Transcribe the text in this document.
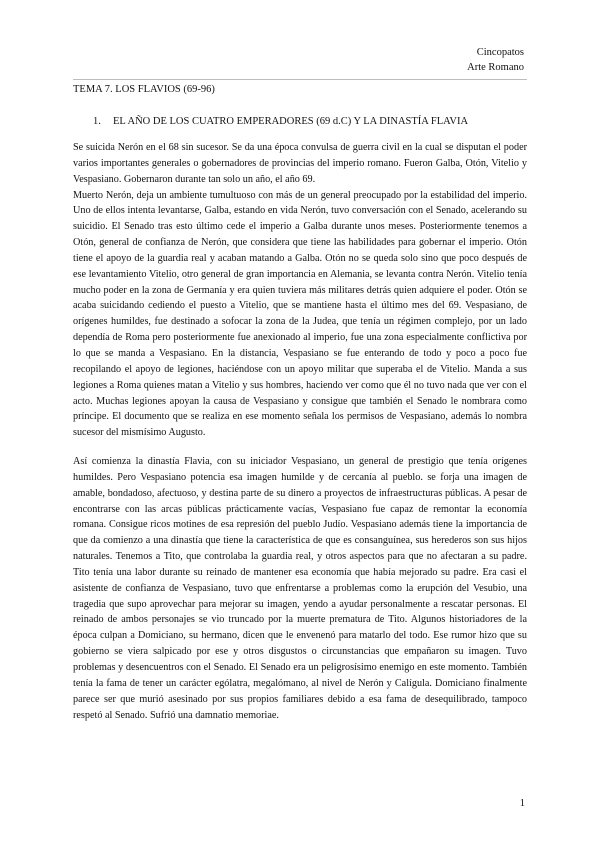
Cincopatos
Arte Romano
TEMA 7. LOS FLAVIOS (69-96)
1. EL AÑO DE LOS CUATRO EMPERADORES (69 d.C) Y LA DINASTÍA FLAVIA

Se suicida Nerón en el 68 sin sucesor. Se da una época convulsa de guerra civil en la cual se disputan el poder varios importantes generales o gobernadores de provincias del imperio romano. Fueron Galba, Otón, Vitelio y Vespasiano. Gobernaron durante tan solo un año, el año 69.

Muerto Nerón, deja un ambiente tumultuoso con más de un general preocupado por la estabilidad del imperio. Uno de ellos intenta levantarse, Galba, estando en vida Nerón, tuvo conversación con el Senado, acelerando su suicidio. El Senado tras esto último cede el imperio a Galba durante unos meses. Posteriormente tenemos a Otón, general de confianza de Nerón, que considera que tiene las habilidades para gobernar el imperio. Otón tiene el apoyo de la guardia real y acaban matando a Galba. Otón no se queda solo sino que poco después de ese levantamiento Vitelio, otro general de gran importancia en Alemania, se levanta contra Nerón. Vitelio tenía mucho poder en la zona de Germanía y era quien tuviera más militares detrás quien adquiere el poder. Otón se acaba suicidando cediendo el puesto a Vitelio, que se mantiene hasta el último mes del 69. Vespasiano, de orígenes humildes, fue destinado a sofocar la zona de la Judea, que tenía un régimen complejo, por un lado dependía de Roma pero posteriormente fue anexionado al imperio, fue una zona especialmente conflictiva por lo que se manda a Vespasiano. En la distancia, Vespasiano se fue enterando de todo y poco a poco fue recopilando el apoyo de legiones, haciéndose con un apoyo militar que superaba el de Vitelio. Manda a sus legiones a Roma quienes matan a Vitelio y sus hombres, haciendo ver como que él no tuvo nada que ver con el acto. Muchas legiones apoyan la causa de Vespasiano y consigue que también el Senado le nombrara como príncipe. El documento que se realiza en ese momento señala los permisos de Vespasiano, además lo nombra sucesor del mismísimo Augusto.

Así comienza la dinastía Flavia, con su iniciador Vespasiano, un general de prestigio que tenía orígenes humildes. Pero Vespasiano potencia esa imagen humilde y de cercanía al pueblo. se forja una imagen de amable, bondadoso, afectuoso, y destina parte de su dinero a proyectos de infraestructuras públicas. A pesar de encontrarse con las arcas públicas prácticamente vacías, Vespasiano fue capaz de remontar la economía romana. Consigue ricos motines de esa represión del pueblo Judío. Vespasiano además tiene la importancia de que da comienzo a una dinastía que tiene la característica de que es consanguínea, sus herederos son sus hijos naturales. Tenemos a Tito, que controlaba la guardia real, y otros aspectos para que no afectaran a su padre. Tito tenía una labor durante su reinado de mantener esa economía que había mejorado su padre. Era casi el asistente de confianza de Vespasiano, tuvo que enfrentarse a problemas como la erupción del Vesubio, una tragedia que supo aprovechar para mejorar su imagen, yendo a ayudar personalmente a rescatar personas. El reinado de ambos personajes se vio truncado por la muerte prematura de Tito. Algunos historiadores de la época culpan a Domiciano, su hermano, dicen que le envenenó para matarlo del todo. Ese rumor hizo que su gobierno se viera salpicado por ese y otros disgustos o circunstancias que empañaron su imagen. Tuvo problemas y desencuentros con el Senado. El Senado era un peligrosísimo enemigo en este momento. También tenía la fama de tener un carácter ególatra, megalómano, al nivel de Nerón y Calígula. Domiciano finalmente parece ser que murió asesinado por sus propios familiares debido a esa fama de desequilibrado, tampoco respetó al Senado. Sufrió una damnatio memoriae.

1
